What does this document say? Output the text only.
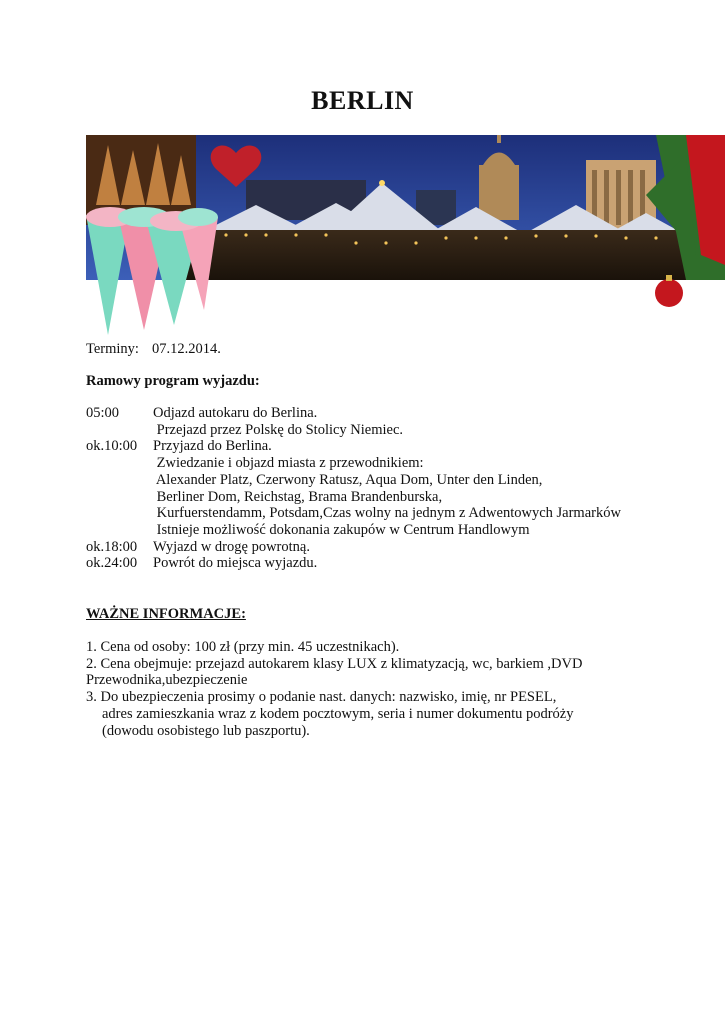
BERLIN
Terminy: 07.12.2014.
Ramowy program wyjazdu:
05:00 Odjazd autokaru do Berlina.
Przejazd przez Polskę do Stolicy Niemiec.
ok.10:00 Przyjazd do Berlina.
Zwiedzanie i objazd miasta z przewodnikiem:
Alexander Platz, Czerwony Ratusz, Aqua Dom, Unter den Linden,
Berliner Dom, Reichstag, Brama Brandenburska,
Kurfuerstendamm, Potsdam,Czas wolny na jednym z Adwentowych Jarmarków
Istnieje możliwość dokonania zakupów w Centrum Handlowym
ok.18:00 Wyjazd w drogę powrotną.
ok.24:00 Powrót do miejsca wyjazdu.
WAŻNE INFORMACJE:
1. Cena od osoby: 100 zł (przy min. 45 uczestnikach).
2. Cena obejmuje: przejazd autokarem klasy LUX z klimatyzacją, wc, barkiem ,DVD
Przewodnika,ubezpieczenie
3. Do ubezpieczenia prosimy o podanie nast. danych: nazwisko, imię, nr PESEL,
adres zamieszkania wraz z kodem pocztowym, seria i numer dokumentu podróży
(dowodu osobistego lub paszportu).
